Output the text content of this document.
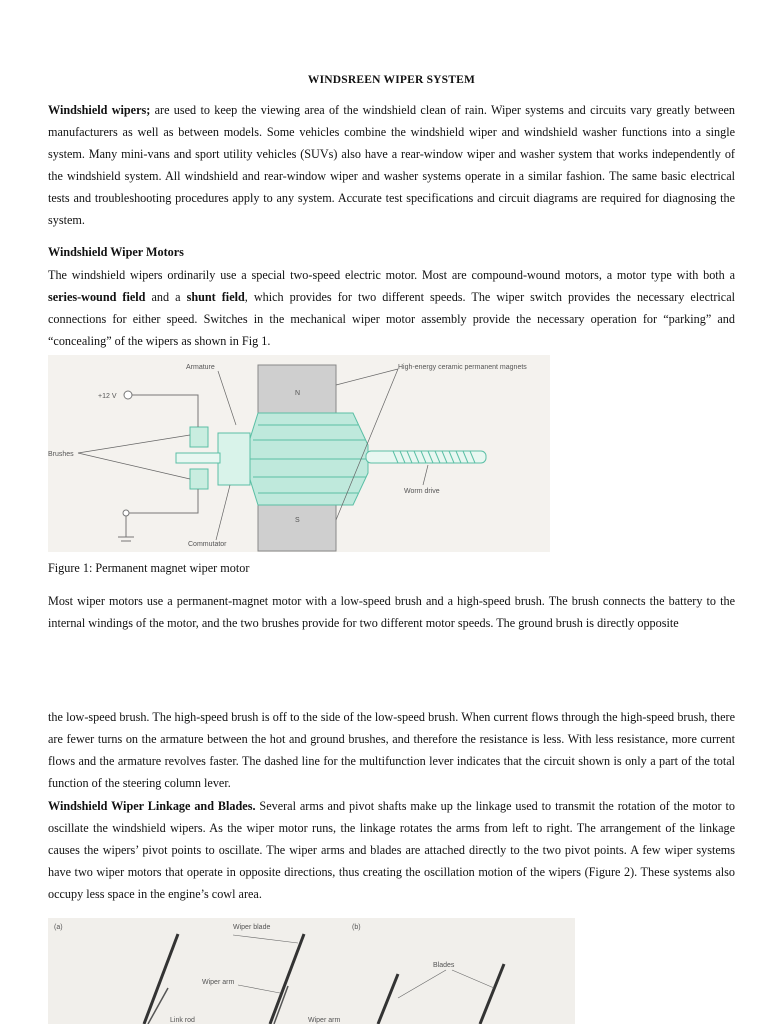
WINDSREEN WIPER SYSTEM
Windshield wipers; are used to keep the viewing area of the windshield clean of rain. Wiper systems and circuits vary greatly between manufacturers as well as between models. Some vehicles combine the windshield wiper and windshield washer functions into a single system. Many mini-vans and sport utility vehicles (SUVs) also have a rear-window wiper and washer system that works independently of the windshield system. All windshield and rear-window wiper and washer systems operate in a similar fashion. The same basic electrical tests and troubleshooting procedures apply to any system. Accurate test specifications and circuit diagrams are required for diagnosing the system.
Windshield Wiper Motors
The windshield wipers ordinarily use a special two-speed electric motor. Most are compound-wound motors, a motor type with both a series-wound field and a shunt field, which provides for two different speeds. The wiper switch provides the necessary electrical connections for either speed. Switches in the mechanical wiper motor assembly provide the necessary operation for “parking” and “concealing” of the wipers as shown in Fig 1.
N
S
Armature	High-energy ceramic permanent magnets
+12 V
Brushes
Worm drive
Commutator
Figure 1: Permanent magnet wiper motor
Most wiper motors use a permanent-magnet motor with a low-speed brush and a high-speed brush. The brush connects the battery to the internal windings of the motor, and the two brushes provide for two different motor speeds. The ground brush is directly opposite
the low-speed brush. The high-speed brush is off to the side of the low-speed brush. When current flows through the high-speed brush, there are fewer turns on the armature between the hot and ground brushes, and therefore the resistance is less. With less resistance, more current flows and the armature revolves faster. The dashed line for the multifunction lever indicates that the circuit shown is only a part of the total function of the steering column lever.
Windshield Wiper Linkage and Blades. Several arms and pivot shafts make up the linkage used to transmit the rotation of the motor to oscillate the windshield wipers. As the wiper motor runs, the linkage rotates the arms from left to right. The arrangement of the linkage causes the wipers’ pivot points to oscillate. The wiper arms and blades are attached directly to the two pivot points. A few wiper systems have two wiper motors that operate in opposite directions, thus creating the oscillation motion of the wipers (Figure 2). These systems also occupy less space in the engine’s cowl area.
(a)	(b)
Wiper blade
Wiper arm
Blades
Link rod	Wiper arm
